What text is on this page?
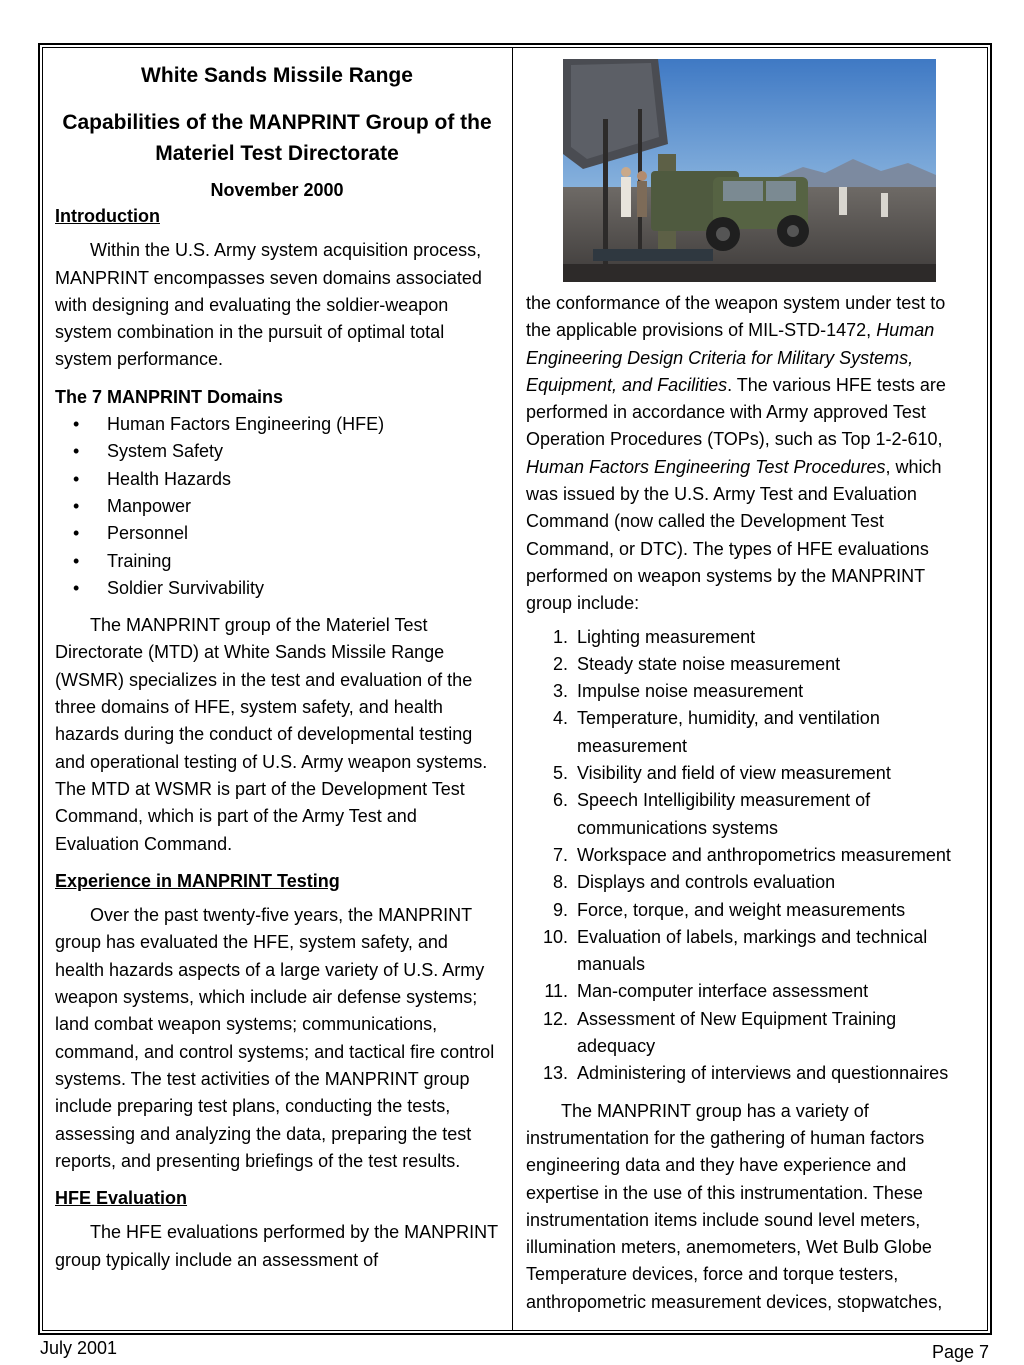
White Sands Missile Range

Capabilities of the MANPRINT Group of the Materiel Test Directorate

November 2000

Introduction

Within the U.S. Army system acquisition process, MANPRINT encompasses seven domains associated with designing and evaluating the soldier-weapon system combination in the pursuit of optimal total system performance.

The 7 MANPRINT Domains

• Human Factors Engineering (HFE)
• System Safety
• Health Hazards
• Manpower
• Personnel
• Training
• Soldier Survivability

The MANPRINT group of the Materiel Test Directorate (MTD) at White Sands Missile Range (WSMR) specializes in the test and evaluation of the three domains of HFE, system safety, and health hazards during the conduct of developmental testing and operational testing of U.S. Army weapon systems. The MTD at WSMR is part of the Development Test Command, which is part of the Army Test and Evaluation Command.

Experience in MANPRINT Testing

Over the past twenty-five years, the MANPRINT group has evaluated the HFE, system safety, and health hazards aspects of a large variety of U.S. Army weapon systems, which include air defense systems; land combat weapon systems; communications, command, and control systems; and tactical fire control systems. The test activities of the MANPRINT group include preparing test plans, conducting the tests, assessing and analyzing the data, preparing the test reports, and presenting briefings of the test results.

HFE Evaluation

The HFE evaluations performed by the MANPRINT group typically include an assessment of

the conformance of the weapon system under test to the applicable provisions of MIL-STD-1472, Human Engineering Design Criteria for Military Systems, Equipment, and Facilities. The various HFE tests are performed in accordance with Army approved Test Operation Procedures (TOPs), such as Top 1-2-610, Human Factors Engineering Test Procedures, which was issued by the U.S. Army Test and Evaluation Command (now called the Development Test Command, or DTC). The types of HFE evaluations performed on weapon systems by the MANPRINT group include:

1. Lighting measurement
2. Steady state noise measurement
3. Impulse noise measurement
4. Temperature, humidity, and ventilation measurement
5. Visibility and field of view measurement
6. Speech Intelligibility measurement of communications systems
7. Workspace and anthropometrics measurement
8. Displays and controls evaluation
9. Force, torque, and weight measurements
10. Evaluation of labels, markings and technical manuals
11. Man-computer interface assessment
12. Assessment of New Equipment Training adequacy
13. Administering of interviews and questionnaires

The MANPRINT group has a variety of instrumentation for the gathering of human factors engineering data and they have experience and expertise in the use of this instrumentation. These instrumentation items include sound level meters, illumination meters, anemometers, Wet Bulb Globe Temperature devices, force and torque testers, anthropometric measurement devices, stopwatches,

July 2001	Page 7
